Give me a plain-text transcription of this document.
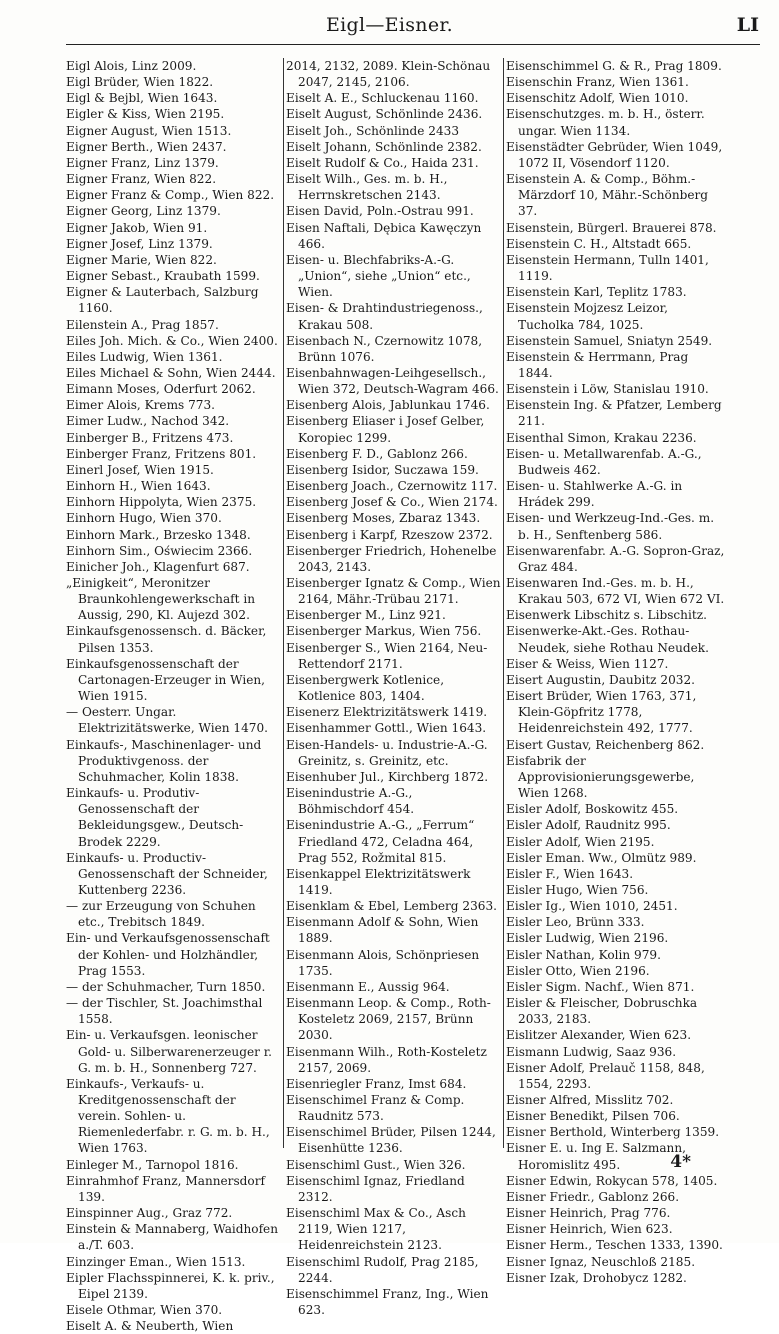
Eigl—Eisner.	LI

Eigl Alois, Linz 2009.

Eigl Brüder, Wien 1822.

Eigl & Bejbl, Wien 1643.

Eigler & Kiss, Wien 2195.

Eigner August, Wien 1513.

Eigner Berth., Wien 2437.

Eigner Franz, Linz 1379.

Eigner Franz, Wien 822.

Eigner Franz & Comp., Wien 822.

Eigner Georg, Linz 1379.

Eigner Jakob, Wien 91.

Eigner Josef, Linz 1379.

Eigner Marie, Wien 822.

Eigner Sebast., Kraubath 1599.

Eigner & Lauterbach, Salzburg 1160.

Eilenstein A., Prag 1857.

Eiles Joh. Mich. & Co., Wien 2400.

Eiles Ludwig, Wien 1361.

Eiles Michael & Sohn, Wien 2444.

Eimann Moses, Oderfurt 2062.

Eimer Alois, Krems 773.

Eimer Ludw., Nachod 342.

Einberger B., Fritzens 473.

Einberger Franz, Fritzens 801.

Einerl Josef, Wien 1915.

Einhorn H., Wien 1643.

Einhorn Hippolyta, Wien 2375.

Einhorn Hugo, Wien 370.

Einhorn Mark., Brzesko 1348.

Einhorn Sim., Oświecim 2366.

Einicher Joh., Klagenfurt 687.

„Einigkeit“, Meronitzer Braunkohlengewerkschaft in Aussig, 290, Kl. Aujezd 302.

Einkaufsgenossensch. d. Bäcker, Pilsen 1353.

Einkaufsgenossenschaft der Cartonagen-Erzeuger in Wien, Wien 1915.

— Oesterr. Ungar. Elektrizitätswerke, Wien 1470.

Einkaufs-, Maschinenlager- und Produktivgenoss. der Schuhmacher, Kolin 1838.

Einkaufs- u. Produtiv-Genossenschaft der Bekleidungsgew., Deutsch-Brodek 2229.

Einkaufs- u. Productiv-Genossenschaft der Schneider, Kuttenberg 2236.

— zur Erzeugung von Schuhen etc., Trebitsch 1849.

Ein- und Verkaufsgenossenschaft der Kohlen- und Holzhändler, Prag 1553.

— der Schuhmacher, Turn 1850.

— der Tischler, St. Joachimsthal 1558.

Ein- u. Verkaufsgen. leonischer Gold- u. Silberwarenerzeuger r. G. m. b. H., Sonnenberg 727.

Einkaufs-, Verkaufs- u. Kreditgenossenschaft der verein. Sohlen- u. Riemenlederfabr. r. G. m. b. H., Wien 1763.

Einleger M., Tarnopol 1816.

Einrahmhof Franz, Mannersdorf 139.

Einspinner Aug., Graz 772.

Einstein & Mannaberg, Waidhofen a./T. 603.

Einzinger Eman., Wien 1513.

Eipler Flachsspinnerei, K. k. priv., Eipel 2139.

Eisele Othmar, Wien 370.

Eiselt A. & Neuberth, Wien

2014, 2132, 2089. Klein-Schönau 2047, 2145, 2106.

Eiselt A. E., Schluckenau 1160.

Eiselt August, Schönlinde 2436.

Eiselt Joh., Schönlinde 2433

Eiselt Johann, Schönlinde 2382.

Eiselt Rudolf & Co., Haida 231.

Eiselt Wilh., Ges. m. b. H., Herrnskretschen 2143.

Eisen David, Poln.-Ostrau 991.

Eisen Naftali, Dębica Kawęczyn 466.

Eisen- u. Blechfabriks-A.-G. „Union“, siehe „Union“ etc., Wien.

Eisen- & Drahtindustriegenoss., Krakau 508.

Eisenbach N., Czernowitz 1078, Brünn 1076.

Eisenbahnwagen-Leihgesellsch., Wien 372, Deutsch-Wagram 466.

Eisenberg Alois, Jablunkau 1746.

Eisenberg Eliaser i Josef Gelber, Koropiec 1299.

Eisenberg F. D., Gablonz 266.

Eisenberg Isidor, Suczawa 159.

Eisenberg Joach., Czernowitz 117.

Eisenberg Josef & Co., Wien 2174.

Eisenberg Moses, Zbaraz 1343.

Eisenberg i Karpf, Rzeszow 2372.

Eisenberger Friedrich, Hohenelbe 2043, 2143.

Eisenberger Ignatz & Comp., Wien 2164, Mähr.-Trübau 2171.

Eisenberger M., Linz 921.

Eisenberger Markus, Wien 756.

Eisenberger S., Wien 2164, Neu-Rettendorf 2171.

Eisenbergwerk Kotlenice, Kotlenice 803, 1404.

Eisenerz Elektrizitätswerk 1419.

Eisenhammer Gottl., Wien 1643.

Eisen-Handels- u. Industrie-A.-G. Greinitz, s. Greinitz, etc.

Eisenhuber Jul., Kirchberg 1872.

Eisenindustrie A.-G., Böhmischdorf 454.

Eisenindustrie A.-G., „Ferrum“ Friedland 472, Celadna 464, Prag 552, Rožmital 815.

Eisenkappel Elektrizitätswerk 1419.

Eisenklam & Ebel, Lemberg 2363.

Eisenmann Adolf & Sohn, Wien 1889.

Eisenmann Alois, Schönpriesen 1735.

Eisenmann E., Aussig 964.

Eisenmann Leop. & Comp., Roth-Kosteletz 2069, 2157, Brünn 2030.

Eisenmann Wilh., Roth-Kosteletz 2157, 2069.

Eisenriegler Franz, Imst 684.

Eisenschimel Franz & Comp. Raudnitz 573.

Eisenschimel Brüder, Pilsen 1244, Eisenhütte 1236.

Eisenschiml Gust., Wien 326.

Eisenschiml Ignaz, Friedland 2312.

Eisenschiml Max & Co., Asch 2119, Wien 1217, Heidenreichstein 2123.

Eisenschiml Rudolf, Prag 2185, 2244.

Eisenschimmel Franz, Ing., Wien 623.

Eisenschimmel G. & R., Prag 1809.

Eisenschin Franz, Wien 1361.

Eisenschitz Adolf, Wien 1010.

Eisenschutzges. m. b. H., österr. ungar. Wien 1134.

Eisenstädter Gebrüder, Wien 1049, 1072 II, Vösendorf 1120.

Eisenstein A. & Comp., Böhm.-Märzdorf 10, Mähr.-Schönberg 37.

Eisenstein, Bürgerl. Brauerei 878.

Eisenstein C. H., Altstadt 665.

Eisenstein Hermann, Tulln 1401, 1119.

Eisenstein Karl, Teplitz 1783.

Eisenstein Mojzesz Leizor, Tucholka 784, 1025.

Eisenstein Samuel, Sniatyn 2549.

Eisenstein & Herrmann, Prag 1844.

Eisenstein i Löw, Stanislau 1910.

Eisenstein Ing. & Pfatzer, Lemberg 211.

Eisenthal Simon, Krakau 2236.

Eisen- u. Metallwarenfab. A.-G., Budweis 462.

Eisen- u. Stahlwerke A.-G. in Hrádek 299.

Eisen- und Werkzeug-Ind.-Ges. m. b. H., Senftenberg 586.

Eisenwarenfabr. A.-G. Sopron-Graz, Graz 484.

Eisenwaren Ind.-Ges. m. b. H., Krakau 503, 672 VI, Wien 672 VI.

Eisenwerk Libschitz s. Libschitz.

Eisenwerke-Akt.-Ges. Rothau-Neudek, siehe Rothau Neudek.

Eiser & Weiss, Wien 1127.

Eisert Augustin, Daubitz 2032.

Eisert Brüder, Wien 1763, 371, Klein-Göpfritz 1778, Heidenreichstein 492, 1777.

Eisert Gustav, Reichenberg 862.

Eisfabrik der Approvisionierungsgewerbe, Wien 1268.

Eisler Adolf, Boskowitz 455.

Eisler Adolf, Raudnitz 995.

Eisler Adolf, Wien 2195.

Eisler Eman. Ww., Olmütz 989.

Eisler F., Wien 1643.

Eisler Hugo, Wien 756.

Eisler Ig., Wien 1010, 2451.

Eisler Leo, Brünn 333.

Eisler Ludwig, Wien 2196.

Eisler Nathan, Kolin 979.

Eisler Otto, Wien 2196.

Eisler Sigm. Nachf., Wien 871.

Eisler & Fleischer, Dobruschka 2033, 2183.

Eislitzer Alexander, Wien 623.

Eismann Ludwig, Saaz 936.

Eisner Adolf, Prelauč 1158, 848, 1554, 2293.

Eisner Alfred, Misslitz 702.

Eisner Benedikt, Pilsen 706.

Eisner Berthold, Winterberg 1359.

Eisner E. u. Ing E. Salzmann, Horomislitz 495.

Eisner Edwin, Rokycan 578, 1405.

Eisner Friedr., Gablonz 266.

Eisner Heinrich, Prag 776.

Eisner Heinrich, Wien 623.

Eisner Herm., Teschen 1333, 1390.

Eisner Ignaz, Neuschloß 2185.

Eisner Izak, Drohobycz 1282.

4*
